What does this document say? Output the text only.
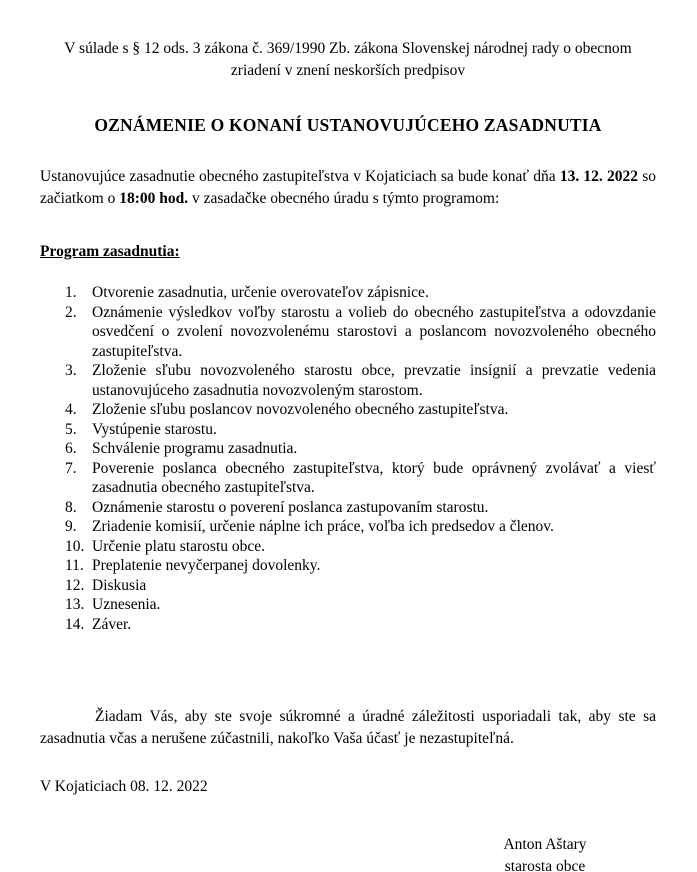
V súlade s § 12 ods. 3 zákona č. 369/1990 Zb. zákona Slovenskej národnej rady o obecnom
zriadení v znení neskorších predpisov
OZNÁMENIE O KONANÍ USTANOVUJÚCEHO ZASADNUTIA

Ustanovujúce zasadnutie obecného zastupiteľstva v Kojaticiach sa bude konať dňa 13. 12. 2022 so začiatkom o 18:00 hod. v zasadačke obecného úradu s týmto programom:

Program zasadnutia:
1. Otvorenie zasadnutia, určenie overovateľov zápisnice.
2. Oznámenie výsledkov voľby starostu a volieb do obecného zastupiteľstva a odovzdanie osvedčení o zvolení novozvolenému starostovi a poslancom novozvoleného obecného zastupiteľstva.
3. Zloženie sľubu novozvoleného starostu obce, prevzatie insígnií a prevzatie vedenia ustanovujúceho zasadnutia novozvoleným starostom.
4. Zloženie sľubu poslancov novozvoleného obecného zastupiteľstva.
5. Vystúpenie starostu.
6. Schválenie programu zasadnutia.
7. Poverenie poslanca obecného zastupiteľstva, ktorý bude oprávnený zvolávať a viesť zasadnutia obecného zastupiteľstva.
8. Oznámenie starostu o poverení poslanca zastupovaním starostu.
9. Zriadenie komisií, určenie náplne ich práce, voľba ich predsedov a členov.
10. Určenie platu starostu obce.
11. Preplatenie nevyčerpanej dovolenky.
12. Diskusia
13. Uznesenia.
14. Záver.

Žiadam Vás, aby ste svoje súkromné a úradné záležitosti usporiadali tak, aby ste sa zasadnutia včas a nerušene zúčastnili, nakoľko Vaša účasť je nezastupiteľná.

V Kojaticiach 08. 12. 2022
Anton Aštary
starosta obce
